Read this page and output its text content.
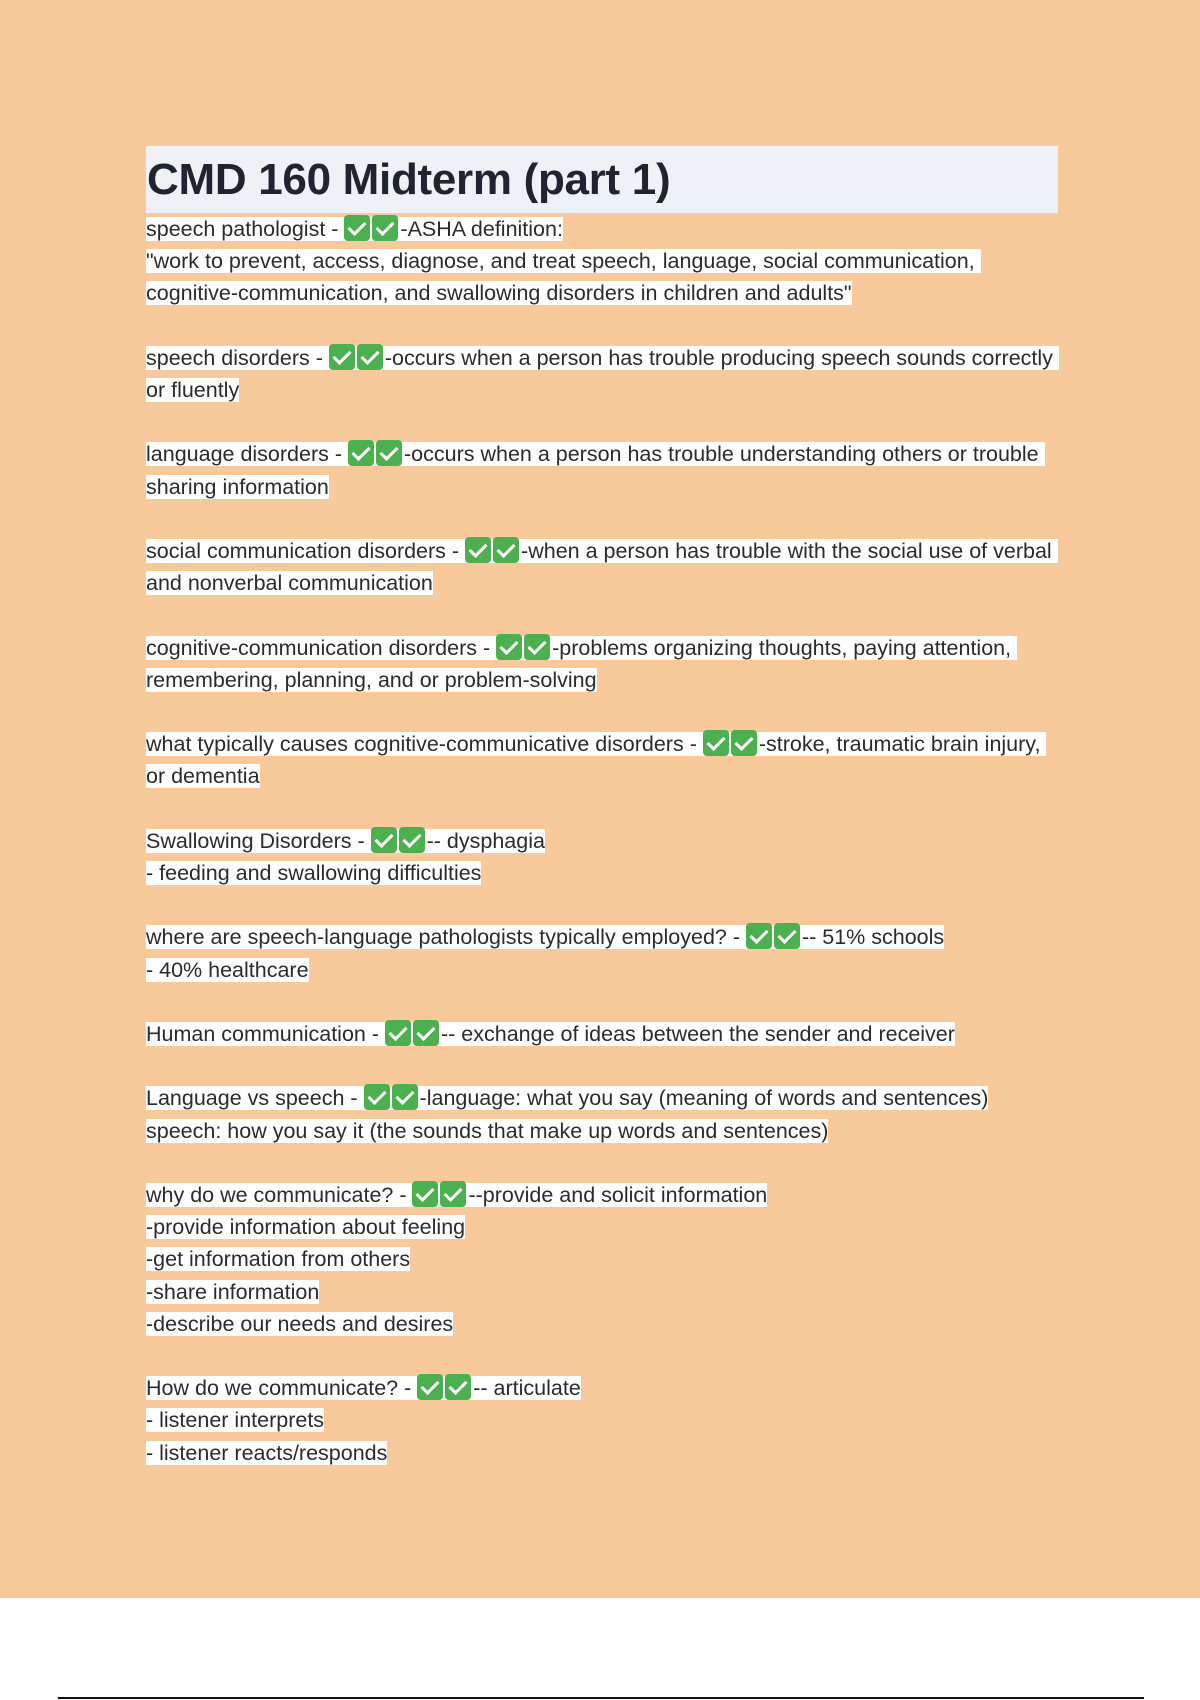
CMD 160 Midterm (part 1)

speech pathologist -	-ASHA definition:
"work to prevent, access, diagnose, and treat speech, language, social communication, cognitive-communication, and swallowing disorders in children and adults"

speech disorders -	-occurs when a person has trouble producing speech sounds correctly or fluently

language disorders -	-occurs when a person has trouble understanding others or trouble sharing information

social communication disorders -	-when a person has trouble with the social use of verbal and nonverbal communication

cognitive-communication disorders -	-problems organizing thoughts, paying attention, remembering, planning, and or problem-solving

what typically causes cognitive-communicative disorders -	-stroke, traumatic brain injury, or dementia

Swallowing Disorders -	-- dysphagia
- feeding and swallowing difficulties

where are speech-language pathologists typically employed? -	-- 51% schools
- 40% healthcare

Human communication -	-- exchange of ideas between the sender and receiver

Language vs speech -	-language: what you say (meaning of words and sentences)
speech: how you say it (the sounds that make up words and sentences)

why do we communicate? -	--provide and solicit information
-provide information about feeling
-get information from others
-share information
-describe our needs and desires

How do we communicate? -	-- articulate
- listener interprets
- listener reacts/responds
